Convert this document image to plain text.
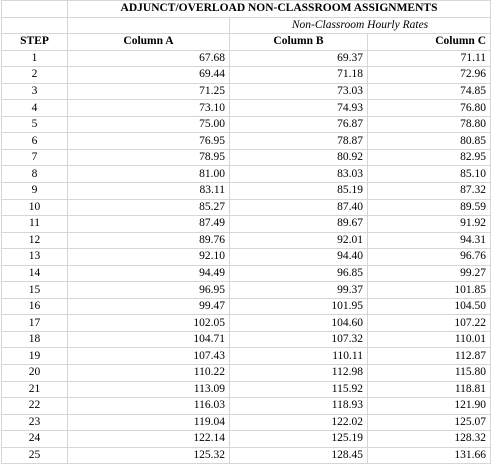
	ADJUNCT/OVERLOAD NON-CLASSROOM ASSIGNMENTS		
		Non-Classroom Hourly Rates	
STEP	Column A	Column B	Column C
1	67.68	69.37	71.11
2	69.44	71.18	72.96
3	71.25	73.03	74.85
4	73.10	74.93	76.80
5	75.00	76.87	78.80
6	76.95	78.87	80.85
7	78.95	80.92	82.95
8	81.00	83.03	85.10
9	83.11	85.19	87.32
10	85.27	87.40	89.59
11	87.49	89.67	91.92
12	89.76	92.01	94.31
13	92.10	94.40	96.76
14	94.49	96.85	99.27
15	96.95	99.37	101.85
16	99.47	101.95	104.50
17	102.05	104.60	107.22
18	104.71	107.32	110.01
19	107.43	110.11	112.87
20	110.22	112.98	115.80
21	113.09	115.92	118.81
22	116.03	118.93	121.90
23	119.04	122.02	125.07
24	122.14	125.19	128.32
25	125.32	128.45	131.66
